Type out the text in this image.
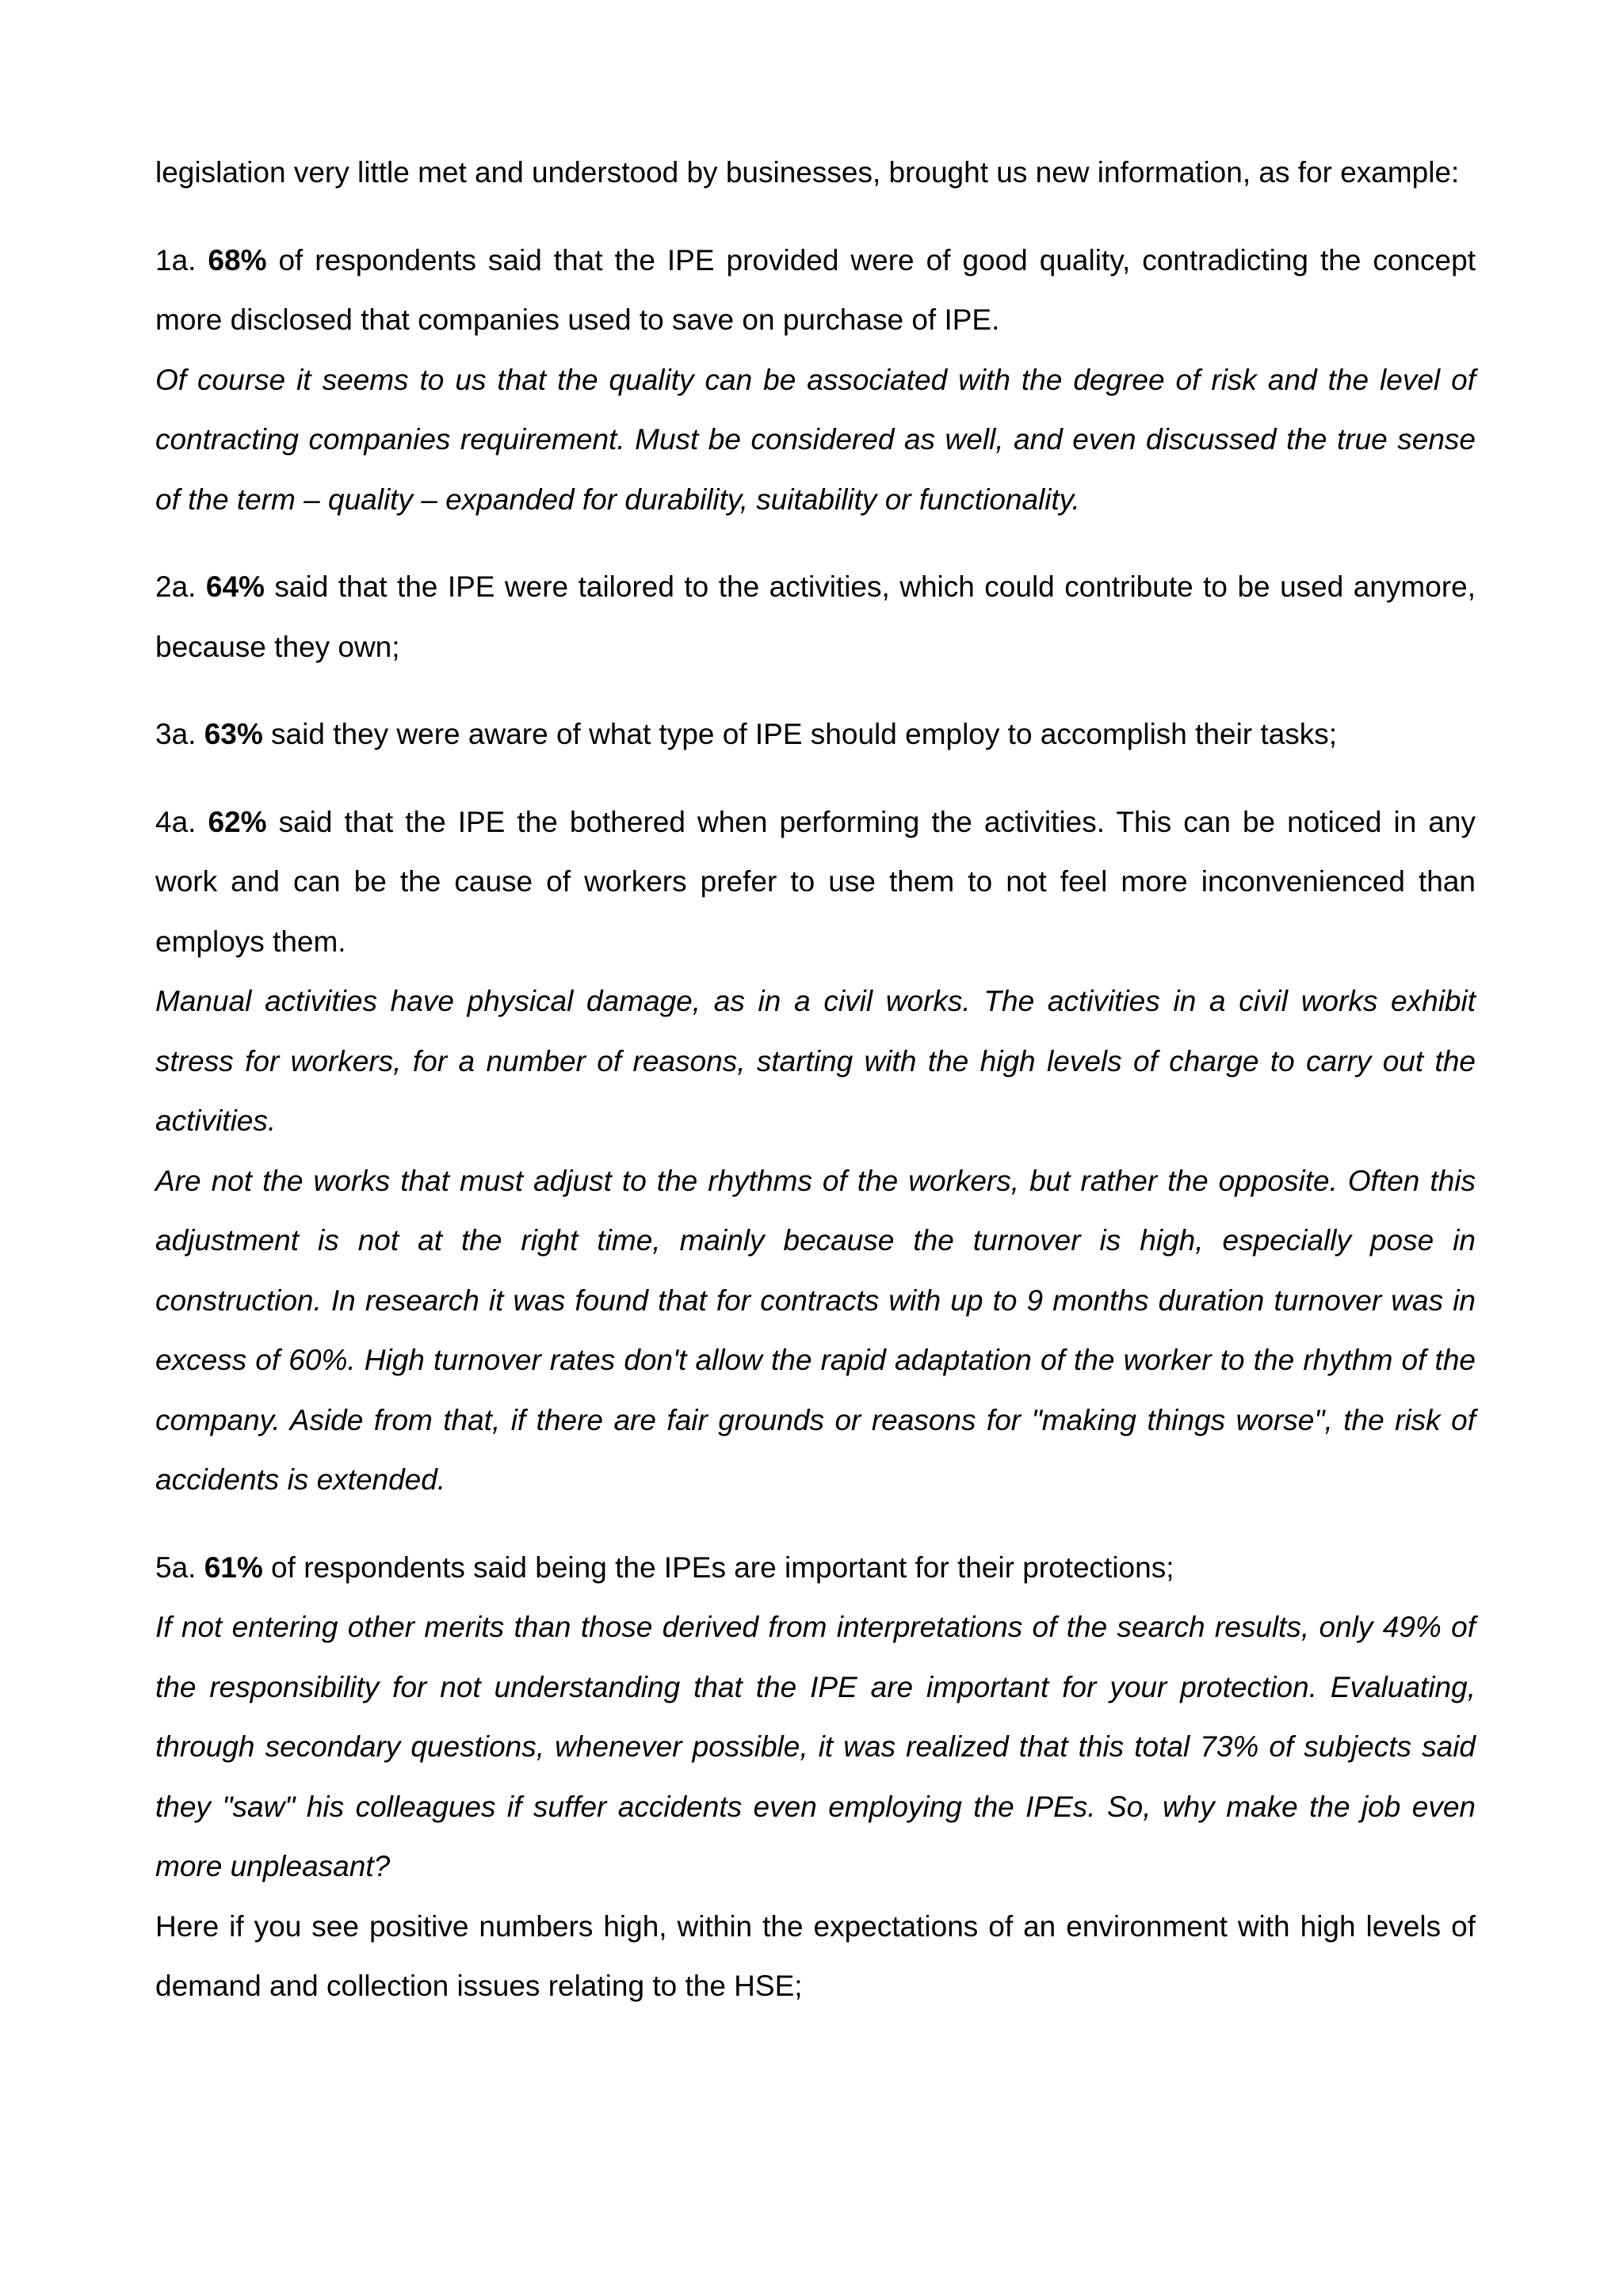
legislation very little met and understood by businesses, brought us new information, as for example:

1a. 68% of respondents said that the IPE provided were of good quality, contradicting the concept more disclosed that companies used to save on purchase of IPE.

Of course it seems to us that the quality can be associated with the degree of risk and the level of contracting companies requirement. Must be considered as well, and even discussed the true sense of the term – quality – expanded for durability, suitability or functionality.

2a. 64% said that the IPE were tailored to the activities, which could contribute to be used anymore, because they own;

3a. 63% said they were aware of what type of IPE should employ to accomplish their tasks;

4a. 62% said that the IPE the bothered when performing the activities. This can be noticed in any work and can be the cause of workers prefer to use them to not feel more inconvenienced than employs them.

Manual activities have physical damage, as in a civil works. The activities in a civil works exhibit stress for workers, for a number of reasons, starting with the high levels of charge to carry out the activities.

Are not the works that must adjust to the rhythms of the workers, but rather the opposite. Often this adjustment is not at the right time, mainly because the turnover is high, especially pose in construction. In research it was found that for contracts with up to 9 months duration turnover was in excess of 60%. High turnover rates don't allow the rapid adaptation of the worker to the rhythm of the company. Aside from that, if there are fair grounds or reasons for "making things worse", the risk of accidents is extended.

5a. 61% of respondents said being the IPEs are important for their protections;

If not entering other merits than those derived from interpretations of the search results, only 49% of the responsibility for not understanding that the IPE are important for your protection. Evaluating, through secondary questions, whenever possible, it was realized that this total 73% of subjects said they "saw" his colleagues if suffer accidents even employing the IPEs. So, why make the job even more unpleasant?

Here if you see positive numbers high, within the expectations of an environment with high levels of demand and collection issues relating to the HSE;
